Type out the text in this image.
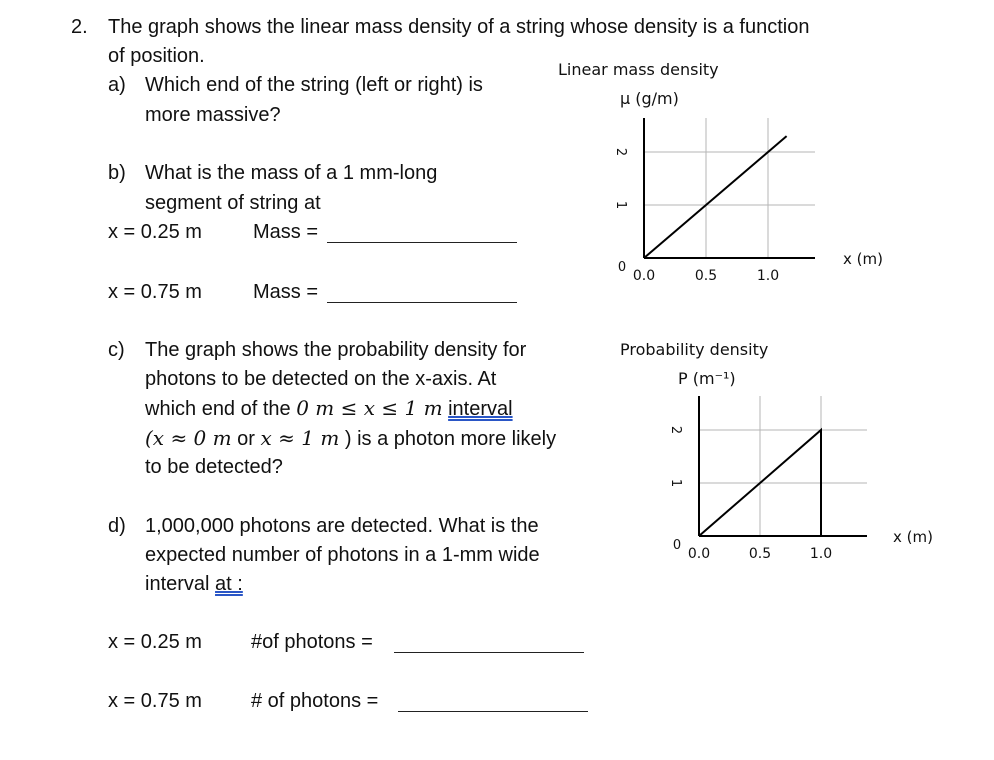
2. The graph shows the linear mass density of a string whose density is a function
of position.
a) Which end of the string (left or right) is
more massive?
b) What is the mass of a 1 mm-long
segment of string at
x = 0.25 m	Mass =
x = 0.75 m	Mass =
c) The graph shows the probability density for
photons to be detected on the x-axis. At
which end of the 0 m ≤ x ≤ 1 m interval
(x ≈ 0 m or x ≈ 1 m ) is a photon more likely
to be detected?
d) 1,000,000 photons are detected. What is the
expected number of photons in a 1-mm wide
interval at :
x = 0.25 m #of photons =
x = 0.75 m # of photons =
Linear mass density
μ (g/m)
0.0	0.5	1.0
0
1
2
x (m)
Probability density
P (m⁻¹)
0.0	0.5	1.0
0
1
2
x (m)
